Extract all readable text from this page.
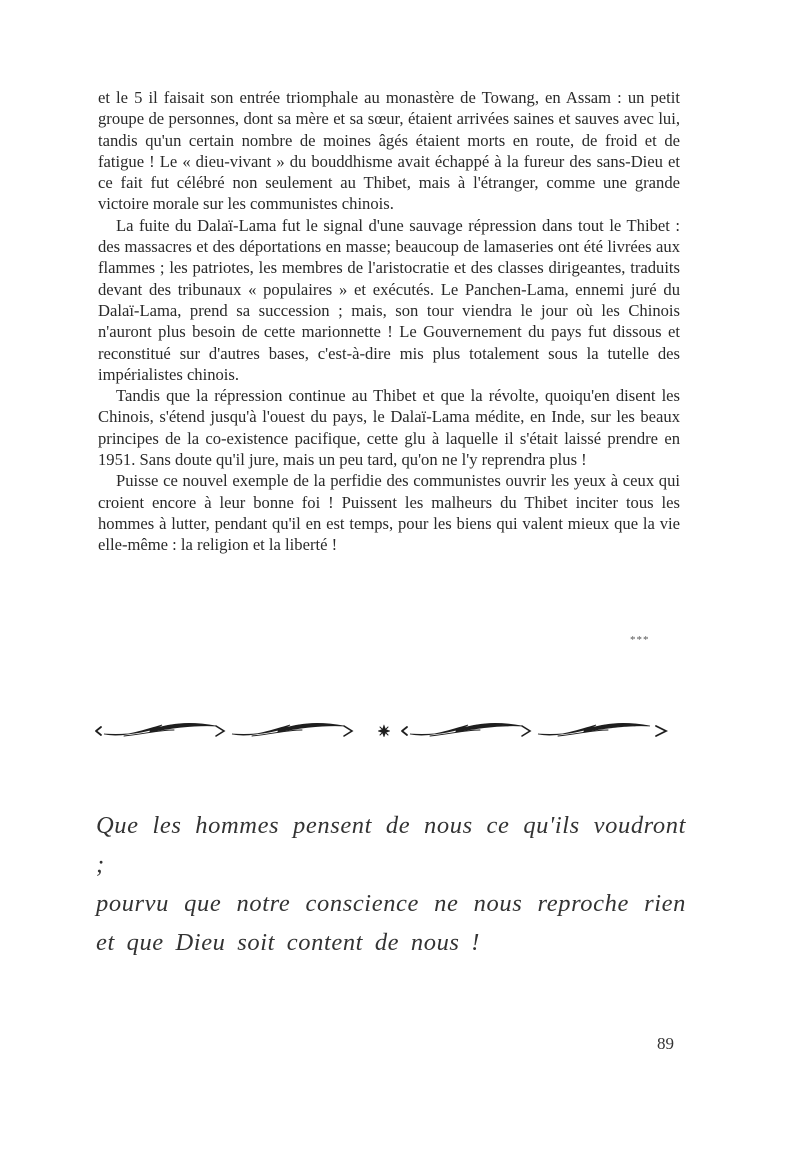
et le 5 il faisait son entrée triomphale au monastère de Towang, en Assam : un petit groupe de personnes, dont sa mère et sa sœur, étaient arrivées saines et sauves avec lui, tandis qu'un certain nombre de moines âgés étaient morts en route, de froid et de fatigue ! Le « dieu-vivant » du bouddhisme avait échappé à la fureur des sans-Dieu et ce fait fut célébré non seulement au Thibet, mais à l'étranger, comme une grande victoire morale sur les communistes chinois.

La fuite du Dalaï-Lama fut le signal d'une sauvage répression dans tout le Thibet : des massacres et des déportations en masse; beaucoup de lamaseries ont été livrées aux flammes ; les patriotes, les membres de l'aristocratie et des classes dirigeantes, traduits devant des tribunaux « populaires » et exécutés. Le Panchen-Lama, ennemi juré du Dalaï-Lama, prend sa succession ; mais, son tour viendra le jour où les Chinois n'auront plus besoin de cette marionnette ! Le Gouvernement du pays fut dissous et reconstitué sur d'autres bases, c'est-à-dire mis plus totalement sous la tutelle des impérialistes chinois.

Tandis que la répression continue au Thibet et que la révolte, quoiqu'en disent les Chinois, s'étend jusqu'à l'ouest du pays, le Dalaï-Lama médite, en Inde, sur les beaux principes de la co-existence pacifique, cette glu à laquelle il s'était laissé prendre en 1951. Sans doute qu'il jure, mais un peu tard, qu'on ne l'y reprendra plus !

Puisse ce nouvel exemple de la perfidie des communistes ouvrir les yeux à ceux qui croient encore à leur bonne foi ! Puissent les malheurs du Thibet inciter tous les hommes à lutter, pendant qu'il en est temps, pour les biens qui valent mieux que la vie elle-même : la religion et la liberté !

***
Que les hommes pensent de nous ce qu'ils voudront ;
pourvu que notre conscience ne nous reproche rien
et que Dieu soit content de nous !
89
